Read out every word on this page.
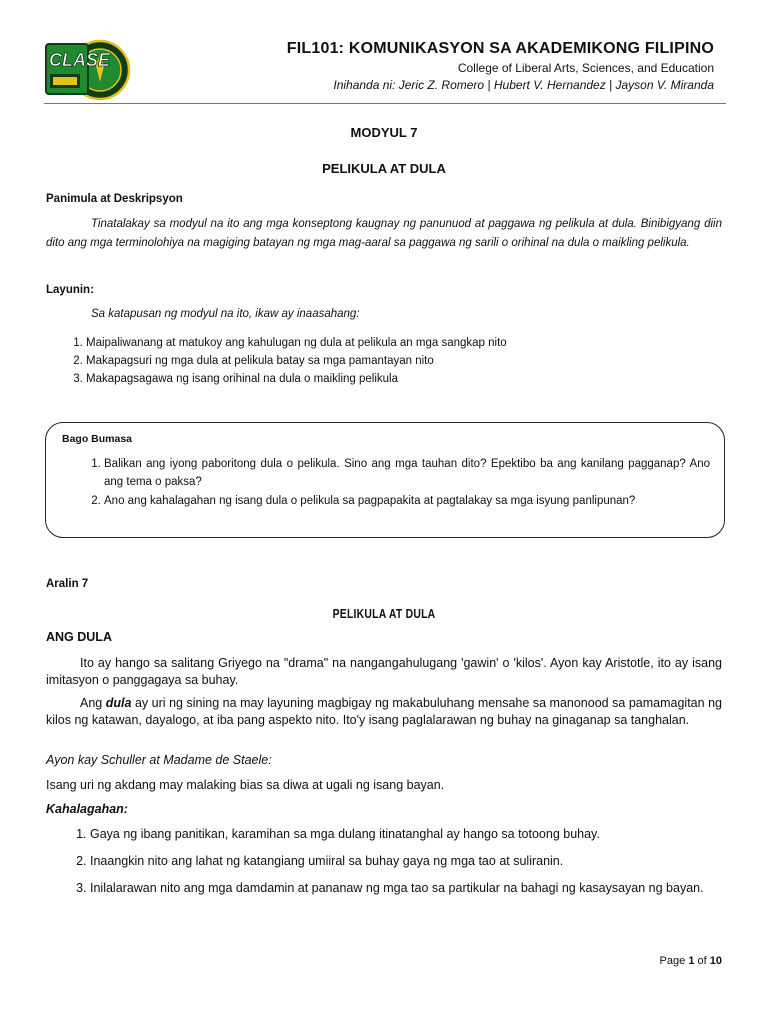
CLASE
FIL101: KOMUNIKASYON SA AKADEMIKONG FILIPINO
College of Liberal Arts, Sciences, and Education
Inihanda ni: Jeric Z. Romero | Hubert V. Hernandez | Jayson V. Miranda
MODYUL 7
PELIKULA AT DULA
Panimula at Deskripsyon
Tinatalakay sa modyul na ito ang mga konseptong kaugnay ng panunuod at paggawa ng pelikula at dula. Binibigyang diin dito ang mga terminolohiya na magiging batayan ng mga mag-aaral sa paggawa ng sarili o orihinal na dula o maikling pelikula.
Layunin:
Sa katapusan ng modyul na ito, ikaw ay inaasahang:
1. Maipaliwanang at matukoy ang kahulugan ng dula at pelikula an mga sangkap nito
2. Makapagsuri ng mga dula at pelikula batay sa mga pamantayan nito
3. Makapagsagawa ng isang orihinal na dula o maikling pelikula
Bago Bumasa
1. Balikan ang iyong paboritong dula o pelikula. Sino ang mga tauhan dito? Epektibo ba ang kanilang pagganap? Ano ang tema o paksa?
2. Ano ang kahalagahan ng isang dula o pelikula sa pagpapakita at pagtalakay sa mga isyung panlipunan?
Aralin 7
PELIKULA AT DULA
ANG DULA
Ito ay hango sa salitang Griyego na "drama" na nangangahulugang 'gawin' o 'kilos'. Ayon kay Aristotle, ito ay isang imitasyon o panggagaya sa buhay.
Ang dula ay uri ng sining na may layuning magbigay ng makabuluhang mensahe sa manonood sa pamamagitan ng kilos ng katawan, dayalogo, at iba pang aspekto nito. Ito'y isang paglalarawan ng buhay na ginaganap sa tanghalan.
Ayon kay Schuller at Madame de Staele:
Isang uri ng akdang may malaking bias sa diwa at ugali ng isang bayan.
Kahalagahan:
1. Gaya ng ibang panitikan, karamihan sa mga dulang itinatanghal ay hango sa totoong buhay.
2. Inaangkin nito ang lahat ng katangiang umiiral sa buhay gaya ng mga tao at suliranin.
3. Inilalarawan nito ang mga damdamin at pananaw ng mga tao sa partikular na bahagi ng kasaysayan ng bayan.
Page 1 of 10
